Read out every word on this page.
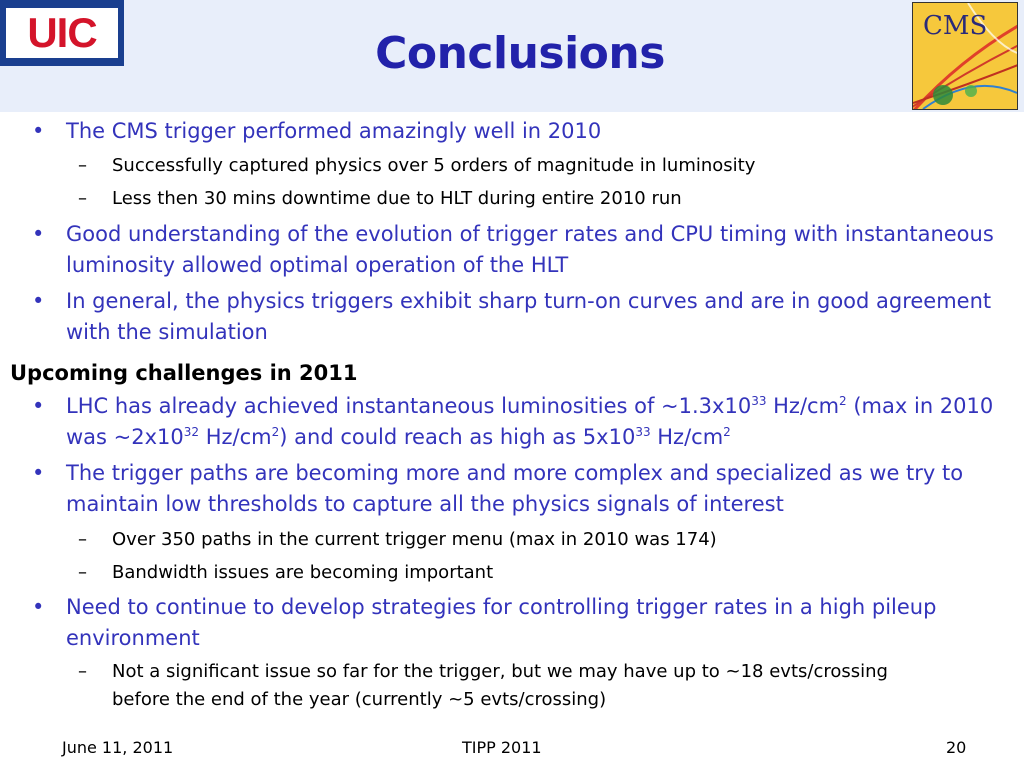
UIC	Conclusions
CMS
• The CMS trigger performed amazingly well in 2010
– Successfully captured physics over 5 orders of magnitude in luminosity
– Less then 30 mins downtime due to HLT during entire 2010 run
• Good understanding of the evolution of trigger rates and CPU timing with instantaneous luminosity allowed optimal operation of the HLT
• In general, the physics triggers exhibit sharp turn-on curves and are in good agreement with the simulation
Upcoming challenges in 2011
• LHC has already achieved instantaneous luminosities of $\sim 1.3x10^{33}$ $Hz/cm^2$ (max in 2010 was $\sim 2x10^{32}$ $Hz/cm^2$) and could reach as high as $5x10^{33}$ $Hz/cm^2$
• The trigger paths are becoming more and more complex and specialized as we try to maintain low thresholds to capture all the physics signals of interest
– Over 350 paths in the current trigger menu (max in 2010 was 174)
– Bandwidth issues are becoming important
• Need to continue to develop strategies for controlling trigger rates in a high pileup environment
– Not a significant issue so far for the trigger, but we may have up to ~18 evts/crossing before the end of the year (currently ~5 evts/crossing)
June 11, 2011	TIPP 2011	20
